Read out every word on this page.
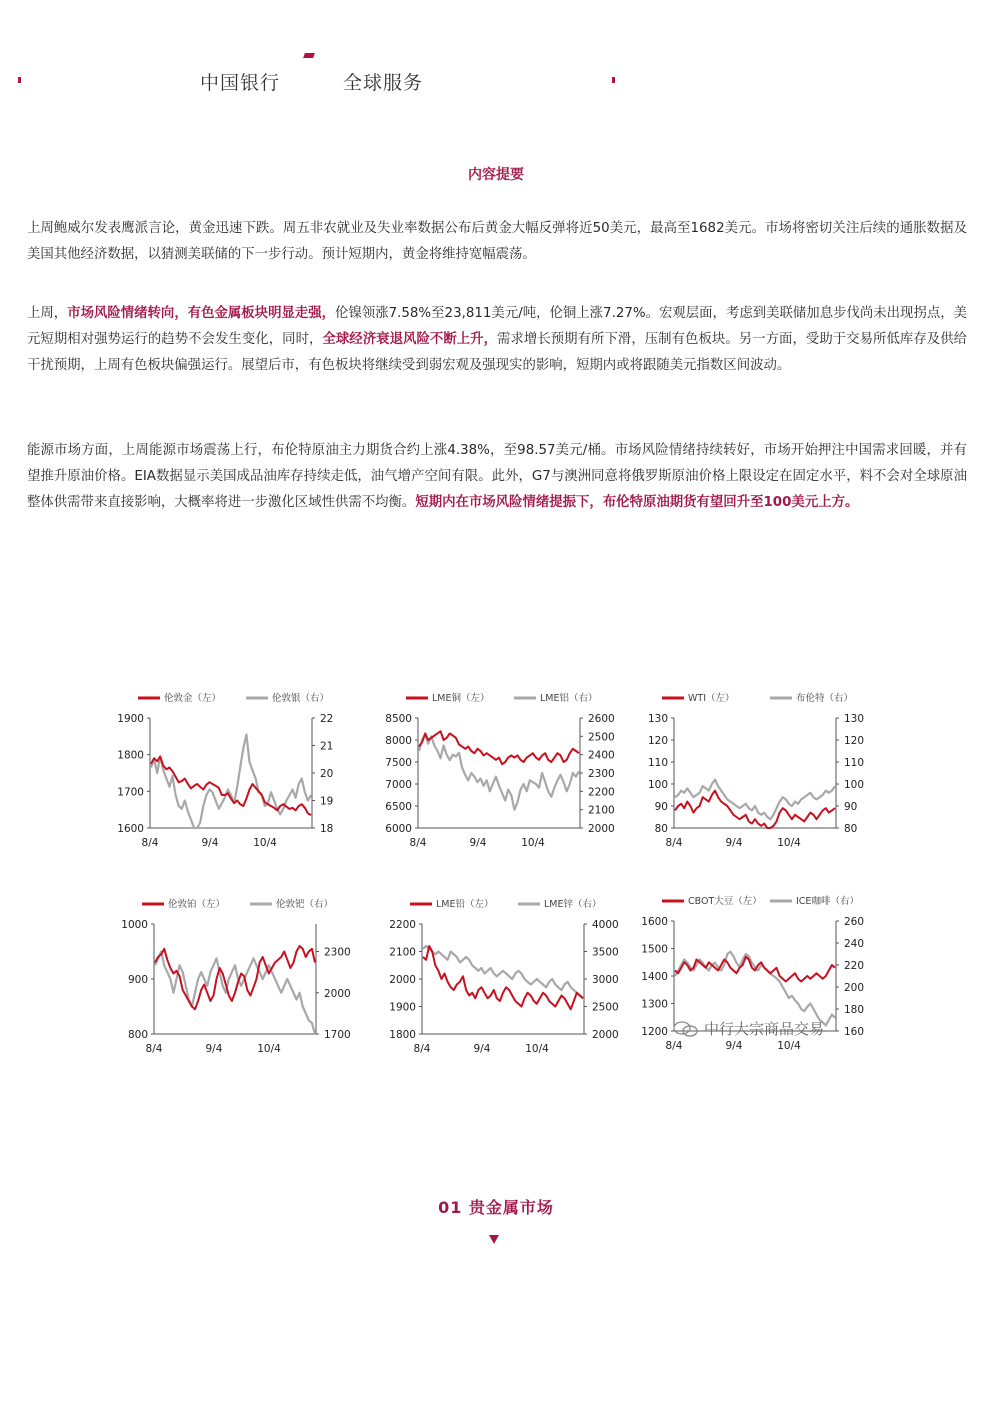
中国银行	全球服务
内容提要

上周鲍威尔发表鹰派言论，黄金迅速下跌。周五非农就业及失业率数据公布后黄金大幅反弹将近50美元，最高至1682美元。市场将密切关注后续的通胀数据及美国其他经济数据，以猜测美联储的下一步行动。预计短期内，黄金将维持宽幅震荡。

上周，市场风险情绪转向，有色金属板块明显走强，伦镍领涨7.58%至23,811美元/吨，伦铜上涨7.27%。宏观层面，考虑到美联储加息步伐尚未出现拐点，美元短期相对强势运行的趋势不会发生变化，同时，全球经济衰退风险不断上升，需求增长预期有所下滑，压制有色板块。另一方面，受助于交易所低库存及供给干扰预期，上周有色板块偏强运行。展望后市，有色板块将继续受到弱宏观及强现实的影响，短期内或将跟随美元指数区间波动。

能源市场方面，上周能源市场震荡上行，布伦特原油主力期货合约上涨4.38%，至98.57美元/桶。市场风险情绪持续转好，市场开始押注中国需求回暖，并有望推升原油价格。EIA数据显示美国成品油库存持续走低，油气增产空间有限。此外，G7与澳洲同意将俄罗斯原油价格上限设定在固定水平，料不会对全球原油整体供需带来直接影响，大概率将进一步激化区域性供需不均衡。短期内在市场风险情绪提振下，布伦特原油期货有望回升至100美元上方。

伦敦金（左）	伦敦银（右）
1600
1700
1800
1900
18
19
20
21
22
8/4	9/4	10/4
LME铜（左）	LME铝（右）
6000
6500
7000
7500
8000
8500
2000
2100
2200
2300
2400
2500
2600
8/4	9/4	10/4
WTI（左）	布伦特（右）
80
90
100
110
120
130
80
90
100
110
120
130
8/4	9/4	10/4
伦敦铂（左）	伦敦钯（右）
800
900
1000
1700
2000
2300
8/4	9/4	10/4
LME铅（左）	LME锌（右）
1800
1900
2000
2100
2200
2000
2500
3000
3500
4000
8/4	9/4	10/4
CBOT大豆（左）	ICE咖啡（右）
1200
1300
1400
1500
1600
160
180
200
220
240
260
8/4	9/4	10/4
中行大宗商品交易
01 贵金属市场
